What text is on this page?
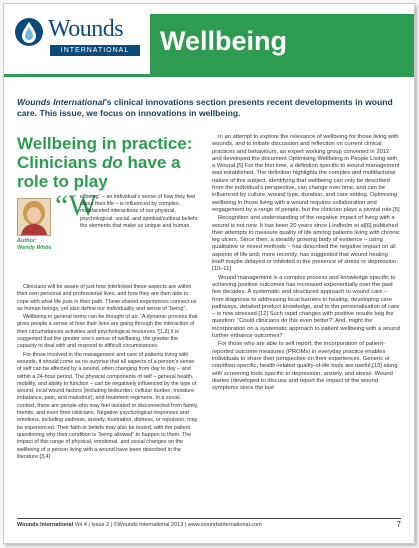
Wounds
INTERNATIONAL	Wellbeing
Wounds International’s clinical innovations section presents recent developments in wound care. This issue, we focus on innovations in wellbeing.
Wellbeing in practice: Clinicians do have a role to play
Author:
Wendy White
“W
ellbeing” – an individual’s sense of how they feel about their life – is influenced by complex, multifaceted interactions of our physical, psychological, social, and spiritual/cultural beliefs; the elements that make us unique and human.

Clinicians will be aware of just how interlinked these aspects are within their own personal and professional lives, and how they are then able to cope with what life puts in their path. These shared experiences connect us as human beings, yet also define our individuality and sense of “being”.

Wellbeing in general terms can be thought of as: “A dynamic process that gives people a sense of how their lives are going through the interaction of their circumstances activities and psychological resources.”[1,2] It is suggested that the greater one’s sense of wellbeing, the greater the capacity to deal with and respond to difficult circumstances.

For those involved in the management and care of patients living with wounds, it should come as no surprise that all aspects of a person’s sense of self can be affected by a wound, often changing from day to day – and within a 24-hour period. The physical components of self – general health, mobility, and ability to function – can be negatively influenced by the type of wound, local wound factors (including bioburden, cellular burden, moisture imbalance, pain, and malodour), and treatment regimens. In a social context, there are people who may feel isolated or disconnected from family, friends, and even their clinicians. Negative psychological responses and emotions, including sadness, anxiety, frustration, distress, or repulsion, may be experienced. Their faith or beliefs may also be tested, with the patient questioning why their condition is “being allowed” to happen to them. The impact of this range of physical, emotional, and social changes on the wellbeing of a person living with a wound have been described in the literature.[3,4]

In an attempt to explore the relevance of wellbeing for those living with wounds, and to initiate discussion and reflection on current clinical practices and behaviours, an expert working group convened in 2012 and developed the document Optimising Wellbeing in People Living with a Wound.[5] For the first time, a definition specific to wound management was established. The definition highlights the complex and multifactorial nature of this subject, identifying that wellbeing can only be described from the individual’s perspective, can change over time, and can be influenced by culture, wound type, duration, and care setting. Optimising wellbeing in those living with a wound requires collaboration and engagement by a range of people, but the clinician plays a pivotal role.[5]

Recognition and understanding of the negative impact of living with a wound is not new. It has been 20 years since Lindholm et al[6] published their attempts to measure quality of life among patients living with chronic leg ulcers. Since then, a steadily growing body of evidence – using qualitative or mixed methods – has described the negative impact on all aspects of life and, more recently, has suggested that wound healing itself maybe delayed or inhibited in the presence of stress or depression.[10–11]

Wound management is a complex process and knowledge specific to achieving positive outcomes has increased exponentially over the past few decades. A systematic and structured approach to wound care – from diagnosis to addressing local barriers to healing, developing care pathways, detailed product knowledge, and to the personalisation of care – is now stressed.[12] Such rapid changes with positive results beg the question: “Could clinicians do this even better?” And, might the incorporation on a systematic approach to patient wellbeing with a wound further enhance outcomes?

For those who are able to self report, the incorporation of patient-reported outcome measures (PROMs) in everyday practice enables individuals to share their perspective on their experiences. Generic or condition-specific, health-related quality-of-life tools are useful,[13] along with screening tools specific to depression, anxiety, and stress. Wound diaries (developed to discuss and report the impact of the wound symptoms since the last

Wounds International Vol 4 | Issue 2 | ©Wounds International 2013 | www.woundsinternational.com	7
